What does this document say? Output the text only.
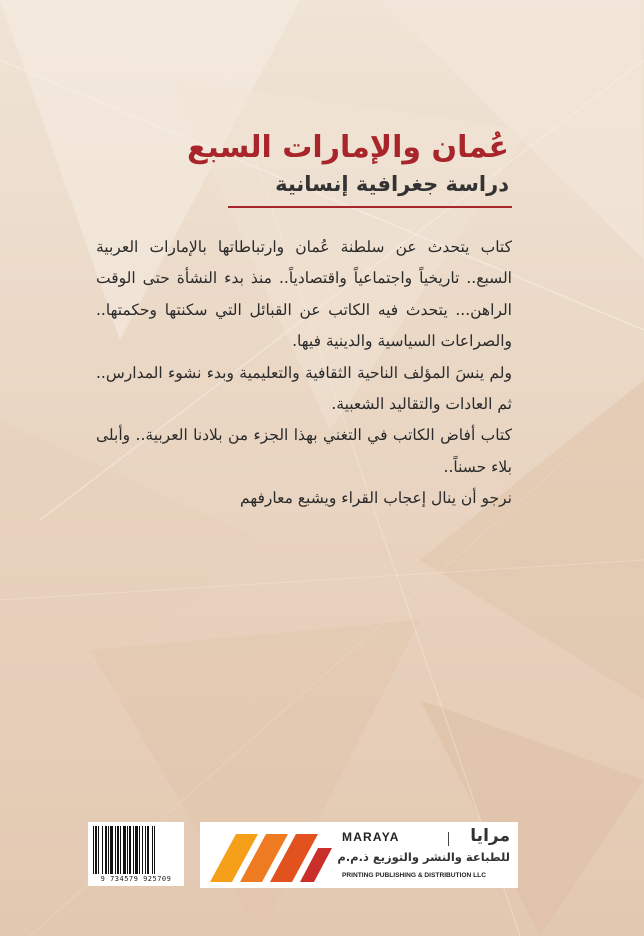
عُمان والإمارات السبع
دراسة جغرافية إنسانية

كتاب يتحدث عن سلطنة عُمان وارتباطاتها بالإمارات العربية السبع.. تاريخياً واجتماعياً واقتصادياً.. منذ بدء النشأة حتى الوقت الراهن... يتحدث فيه الكاتب عن القبائل التي سكنتها وحكمتها.. والصراعات السياسية والدينية فيها.

ولم ينسَ المؤلف الناحية الثقافية والتعليمية وبدء نشوء المدارس.. ثم العادات والتقاليد الشعبية.

كتاب أفاض الكاتب في التغني بهذا الجزء من بلادنا العربية.. وأبلى بلاء حسناً..

نرجو أن ينال إعجاب القراء ويشبع معارفهم

9 734579 925709
MARAYA	مرايا
للطباعة والنشر والتوزيع ذ.م.م
PRINTING PUBLISHING & DISTRIBUTION LLC
